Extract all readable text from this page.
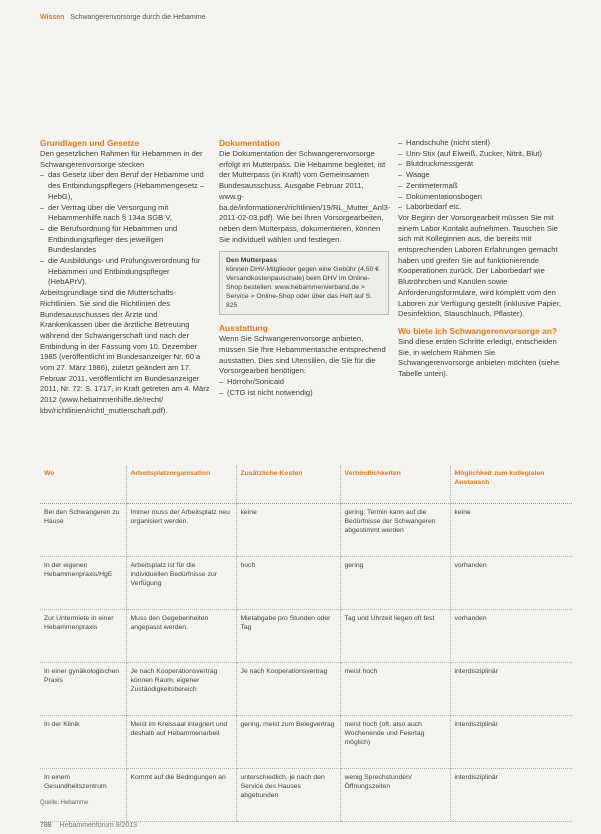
Wissen Schwangerenvorsorge durch die Hebamme

Grundlagen und Gesetze

Den gesetzlichen Rahmen für Hebammen in der Schwangerenvorsorge stecken

– das Gesetz über den Beruf der Hebamme und des Entbindungspflegers (Hebammengesetz – HebG),
– der Vertrag über die Versorgung mit Hebammenhilfe nach § 134a SGB V,
– die Berufsordnung für Hebammen und Entbindungspfleger des jeweiligen Bundeslandes
– die Ausbildungs- und Prüfungsverordnung für Hebammen und Entbindungspfleger (HebAPrV).

Arbeitsgrundlage sind die Mutterschafts-Richtlinien. Sie sind die Richtlinien des Bundesausschusses der Ärzte und Krankenkassen über die ärztliche Betreuung während der Schwangerschaft und nach der Entbindung in der Fassung vom 10. Dezember 1985 (veröffentlicht im Bundesanzeiger Nr. 60 a vom 27. März 1986), zuletzt geändert am 17. Februar 2011, veröffentlicht im Bundesanzeiger 2011, Nr. 72: S. 1717, in Kraft getreten am 4. März 2012 (www.hebammenhilfe.de/recht/ kbv/richtlinien/richtl_mutterschaft.pdf).

Dokumentation

Die Dokumentation der Schwangerenvorsorge erfolgt im Mutterpass. Die Hebamme begleitet, ist der Mutterpass (in Kraft) vom Gemeinsamen Bundesausschuss. Ausgabe Februar 2011, www.g-ba.de/informationen/richtlinien/19/RL_Mutter_Anl3-2011-02-03.pdf). Wie bei Ihren Vorsorgearbeiten, neben dem Mutterpass, dokumentieren, können Sie individuell wählen und festlegen.

Den Mutterpass
können DHV-Mitglieder gegen eine Gebühr (4,50 € Versandkostenpauschale) beim DHV im Online-Shop bestellen: www.hebammenverband.de > Service > Online-Shop oder über das Heft auf S. 825

Ausstattung

Wenn Sie Schwangerenvorsorge anbieten, müssen Sie Ihre Hebammentasche entsprechend ausstatten. Dies sind Utensilien, die Sie für die Vorsorgearbeit benötigen:

– Hörrohr/Sonicaid
– (CTG ist nicht notwendig)
– Handschuhe (nicht steril)
– Urin-Stix (auf Eiweiß, Zucker, Nitrit, Blut)
– Blutdruckmessgerät
– Waage
– Zentimetermaß
– Dokumentationsbogen
– Laborbedarf etc.

Vor Beginn der Vorsorgearbeit müssen Sie mit einem Labor Kontakt aufnehmen. Tauschen Sie sich mit Kolleginnen aus, die bereits mit entsprechenden Laboren Erfahrungen gemacht haben und greifen Sie auf funktionierende Kooperationen zurück. Der Laborbedarf wie Blutröhrchen und Kanülen sowie Anforderungsformulare, wird komplett vom den Laboren zur Verfügung gestellt (inklusive Papier, Desinfektion, Stauschlauch, Pflaster).

Wo biete ich Schwangerenvorsorge an?

Sind diese ersten Schritte erledigt, entscheiden Sie, in welchem Rahmen Sie Schwangerenvorsorge anbieten möchten (siehe Tabelle unten).

Wo	Arbeitsplatzorganisation	Zusätzliche Kosten	Verbindlichkeiten	Möglichkeit zum kollegialen Austausch
Bei den Schwangeren zu Hause	Immer muss der Arbeitsplatz neu organisiert werden.	keine	gering: Termin kann auf die Bedürfnisse der Schwangeren abgestimmt werden	keine
In der eigenen Hebammenpraxis/HgE	Arbeitsplatz ist für die individuellen Bedürfnisse zur Verfügung	hoch	gering	vorhanden
Zur Untermiete in einer Hebammenpraxis	Muss den Gegebenheiten angepasst werden.	Mietabgabe pro Stunden oder Tag	Tag und Uhrzeit liegen oft fest	vorhanden
In einer gynäkologischen Praxis	Je nach Kooperationsvertrag können Raum, eigener Zuständigkeitsbereich	Je nach Kooperationsvertrag	meist hoch	interdisziplinär
In der Klinik	Meist im Kreissaal integriert und deshalb auf Hebammenarbeit	gering, meist zum Belegvertrag	meist hoch (oft, also auch Wochenende und Feiertag möglich)	interdisziplinär
In einem Gesundheitszentrum	Kommt auf die Bedingungen an	unterschiedlich, je nach den Service des Hauses abgebunden	wenig Sprechstunden/Öffnungszeiten	interdisziplinär
Quelle: Hebamme
788 Hebammenforum 9/2013
